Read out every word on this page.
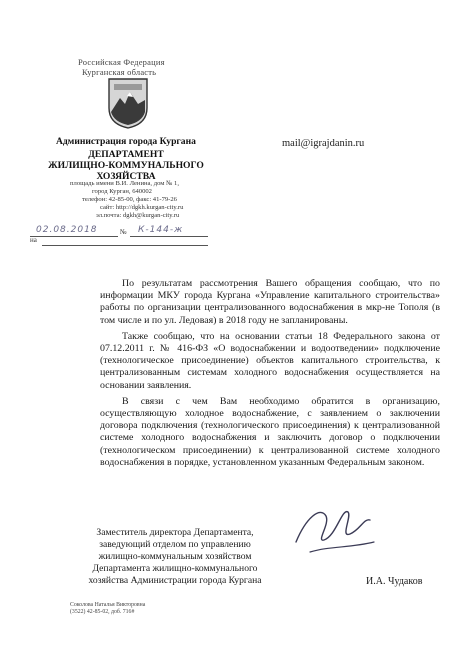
Российская Федерация
Курганская область
Администрация города Кургана
ДЕПАРТАМЕНТ
ЖИЛИЩНО-КОММУНАЛЬНОГО
ХОЗЯЙСТВА
площадь имени В.И. Ленина, дом № 1,
город Курган, 640002
телефон: 42-85-00, факс: 41-79-26
сайт: http://dgkh.kurgan-city.ru
эл.почта: dgkh@kurgan-city.ru
mail@igrajdanin.ru
02.08.2018	№ К-144-ж
на

По результатам рассмотрения Вашего обращения сообщаю, что по информации МКУ города Кургана «Управление капитального строительства» работы по организации централизованного водоснабжения в мкр-не Тополя (в том числе и по ул. Ледовая) в 2018 году не запланированы.

Также сообщаю, что на основании статьи 18 Федерального закона от 07.12.2011 г. № 416-ФЗ «О водоснабжении и водоотведении» подключение (технологическое присоединение) объектов капитального строительства, к централизованным системам холодного водоснабжения осуществляется на основании заявления.

В связи с чем Вам необходимо обратится в организацию, осуществляющую холодное водоснабжение, с заявлением о заключении договора подключения (технологического присоединения) к централизованной системе холодного водоснабжения и заключить договор о подключении (технологическом присоединении) к централизованной системе холодного водоснабжения в порядке, установленном указанным Федеральным законом.

Заместитель директора Департамента,
заведующий отделом по управлению
жилищно-коммунальным хозяйством
Департамента жилищно-коммунального
хозяйства Администрации города Кургана	И.А. Чудаков
Соколова Наталья Викторовна
(3522) 42-85-02, доб. 716#
